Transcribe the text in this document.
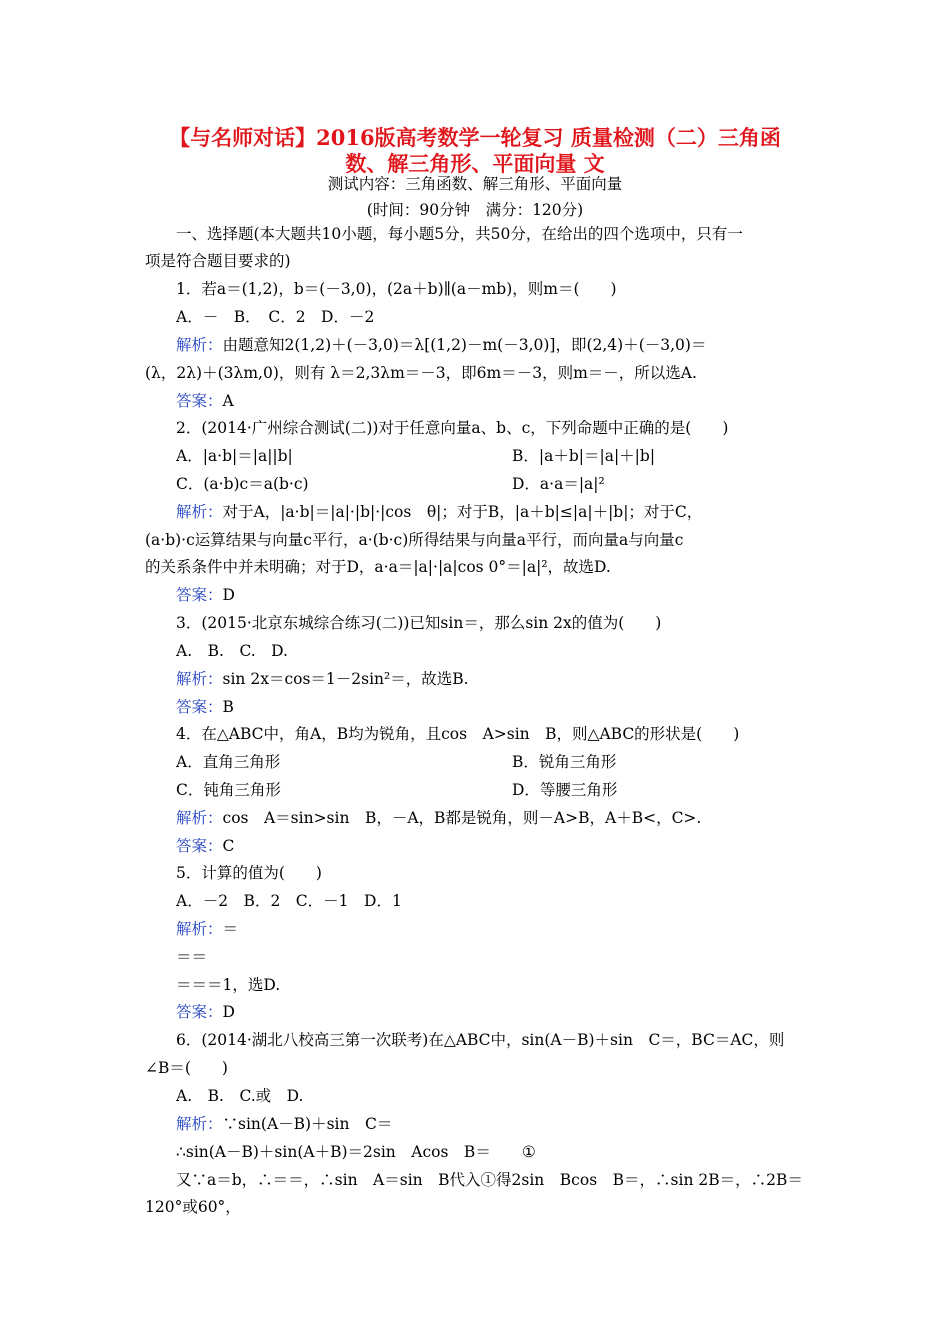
【与名师对话】2016版高考数学一轮复习 质量检测（二）三角函
数、解三角形、平面向量 文
测试内容：三角函数、解三角形、平面向量
(时间：90分钟　满分：120分)
一、选择题(本大题共10小题，每小题5分，共50分，在给出的四个选项中，只有一
项是符合题目要求的)
1．若a＝(1,2)，b＝(－3,0)，(2a＋b)∥(a－mb)，则m＝(　　)
A．－　B．　C．2　D．－2
解析：由题意知2(1,2)＋(－3,0)＝λ[(1,2)－m(－3,0)]，即(2,4)＋(－3,0)＝
(λ，2λ)＋(3λm,0)，则有 λ＝2,3λm＝－3，即6m＝－3，则m＝－，所以选A.
答案：A
2．(2014·广州综合测试(二))对于任意向量a、b、c，下列命题中正确的是(　　)
A．|a·b|＝|a||b|	B．|a＋b|＝|a|＋|b|
C．(a·b)c＝a(b·c)	D．a·a＝|a|²
解析：对于A，|a·b|＝|a|·|b|·|cos　θ|；对于B，|a＋b|≤|a|＋|b|；对于C，
(a·b)·c运算结果与向量c平行，a·(b·c)所得结果与向量a平行，而向量a与向量c
的关系条件中并未明确；对于D，a·a＝|a|·|a|cos 0°＝|a|²，故选D.
答案：D
3．(2015·北京东城综合练习(二))已知sin＝，那么sin 2x的值为(　　)
A.　B.　C.　D.
解析：sin 2x＝cos＝1－2sin²＝，故选B.
答案：B
4．在△ABC中，角A，B均为锐角，且cos　A>sin　B，则△ABC的形状是(　　)
A．直角三角形	B．锐角三角形
C．钝角三角形	D．等腰三角形
解析：cos　A＝sin>sin　B，－A，B都是锐角，则－A>B，A＋B<，C>.
答案：C
5．计算的值为(　　)
A．－2　B．2　C．－1　D．1
解析：＝
＝＝
＝＝＝1，选D.
答案：D
6．(2014·湖北八校高三第一次联考)在△ABC中，sin(A－B)＋sin　C＝，BC＝AC，则
∠B＝(　　)
A.　B.　C.或　D.
解析：∵sin(A－B)＋sin　C＝
∴sin(A－B)＋sin(A＋B)＝2sin　Acos　B＝　　①
又∵a＝b，∴＝＝，∴sin　A＝sin　B代入①得2sin　Bcos　B＝，∴sin 2B＝，∴2B＝
120°或60°，
